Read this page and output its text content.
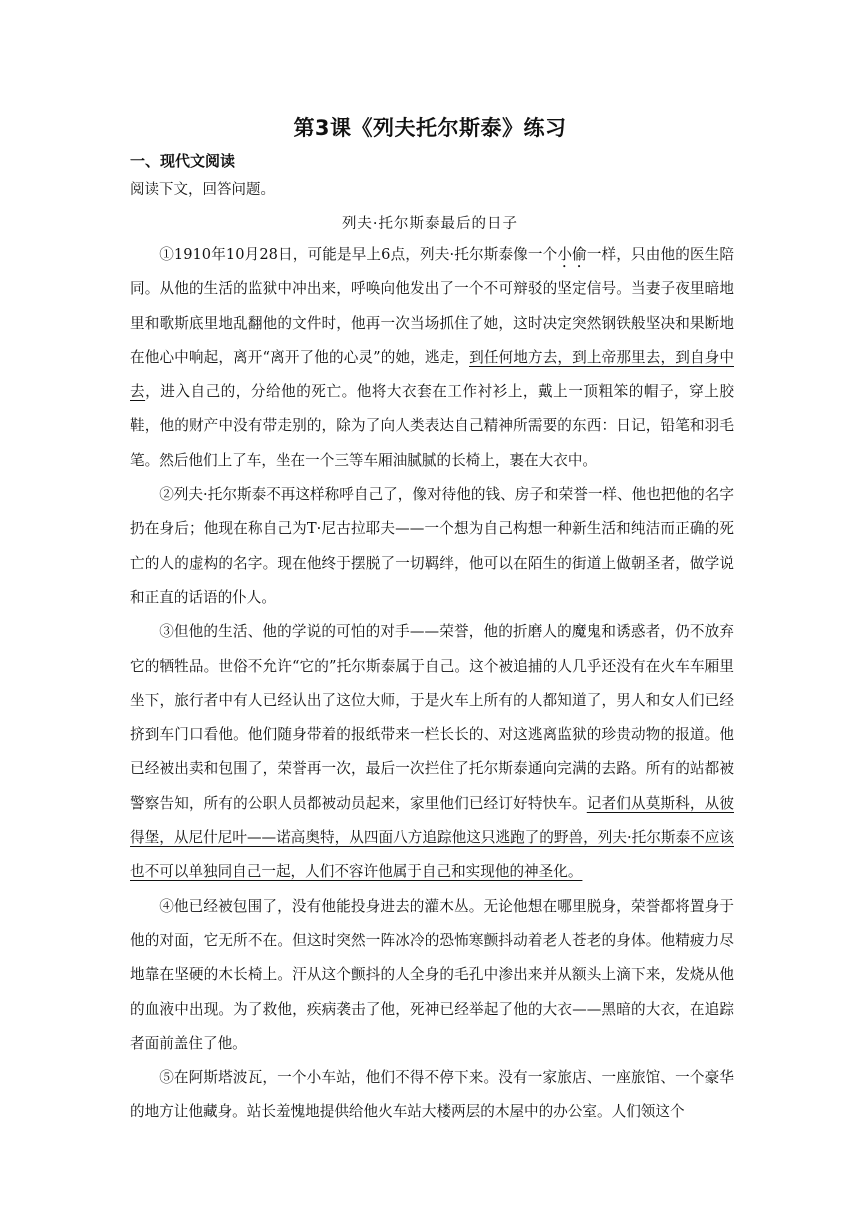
第3课《列夫托尔斯泰》练习
一、现代文阅读
阅读下文，回答问题。
列夫·托尔斯泰最后的日子

①1910年10月28日，可能是早上6点，列夫·托尔斯泰像一个小偷一样，只由他的医生陪同。从他的生活的监狱中冲出来，呼唤向他发出了一个不可辩驳的坚定信号。当妻子夜里暗地里和歌斯底里地乱翻他的文件时，他再一次当场抓住了她，这时决定突然钢铁般坚决和果断地在他心中响起，离开“离开了他的心灵”的她，逃走，到任何地方去，到上帝那里去，到自身中去，进入自己的，分给他的死亡。他将大衣套在工作衬衫上，戴上一顶粗笨的帽子，穿上胶鞋，他的财产中没有带走别的，除为了向人类表达自己精神所需要的东西：日记，铅笔和羽毛笔。然后他们上了车，坐在一个三等车厢油腻腻的长椅上，裹在大衣中。

②列夫·托尔斯泰不再这样称呼自己了，像对待他的钱、房子和荣誉一样、他也把他的名字扔在身后；他现在称自己为T·尼古拉耶夫——一个想为自己构想一种新生活和纯洁而正确的死亡的人的虚构的名字。现在他终于摆脱了一切羁绊，他可以在陌生的街道上做朝圣者，做学说和正直的话语的仆人。

③但他的生活、他的学说的可怕的对手——荣誉，他的折磨人的魔鬼和诱惑者，仍不放弃它的牺牲品。世俗不允许“它的”托尔斯泰属于自己。这个被追捕的人几乎还没有在火车车厢里坐下，旅行者中有人已经认出了这位大师，于是火车上所有的人都知道了，男人和女人们已经挤到车门口看他。他们随身带着的报纸带来一栏长长的、对这逃离监狱的珍贵动物的报道。他已经被出卖和包围了，荣誉再一次，最后一次拦住了托尔斯泰通向完满的去路。所有的站都被警察告知，所有的公职人员都被动员起来，家里他们已经订好特快车。记者们从莫斯科，从彼得堡，从尼什尼叶——诺高奥特，从四面八方追踪他这只逃跑了的野兽，列夫·托尔斯泰不应该也不可以单独同自己一起，人们不容许他属于自己和实现他的神圣化。

④他已经被包围了，没有他能投身进去的灌木丛。无论他想在哪里脱身，荣誉都将置身于他的对面，它无所不在。但这时突然一阵冰冷的恐怖寒颤抖动着老人苍老的身体。他精疲力尽地靠在坚硬的木长椅上。汗从这个颤抖的人全身的毛孔中渗出来并从额头上滴下来，发烧从他的血液中出现。为了救他，疾病袭击了他，死神已经举起了他的大衣——黑暗的大衣，在追踪者面前盖住了他。

⑤在阿斯塔波瓦，一个小车站，他们不得不停下来。没有一家旅店、一座旅馆、一个豪华的地方让他藏身。站长羞愧地提供给他火车站大楼两层的木屋中的办公室。人们领这个
